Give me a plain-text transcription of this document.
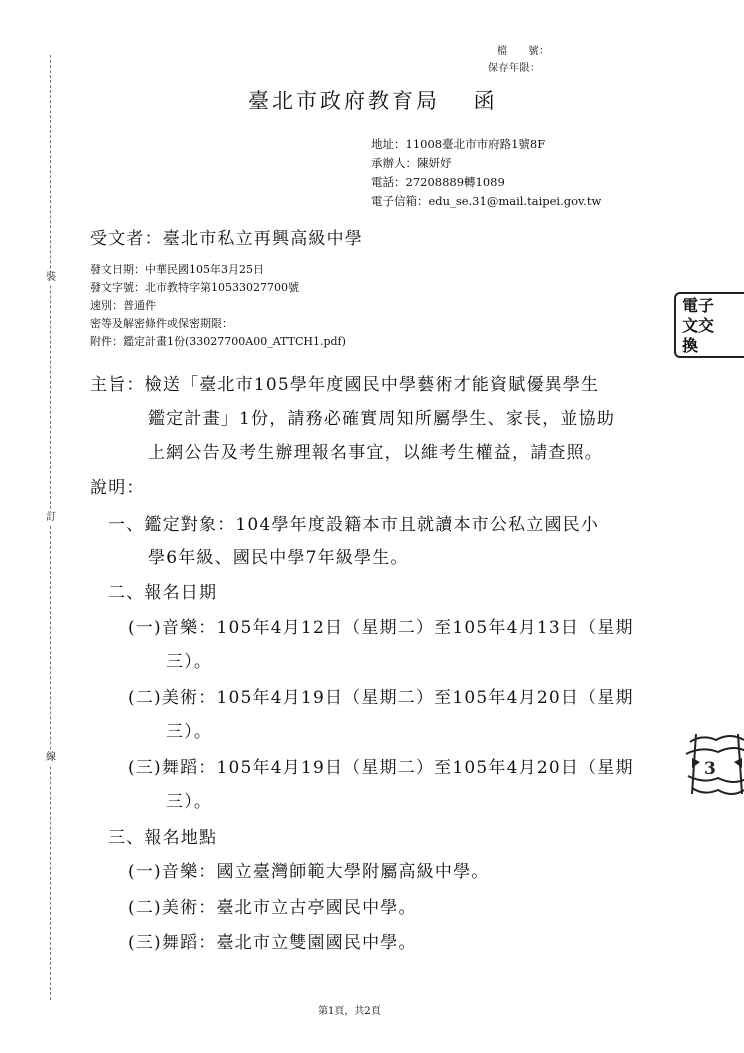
裝
訂
線
檔　　號：
保存年限：
臺北市政府教育局　 函
地址：11008臺北市市府路1號8F
承辦人：陳妍妤
電話：27208889轉1089
電子信箱：edu_se.31@mail.taipei.gov.tw
受文者：臺北市私立再興高級中學
發文日期：中華民國105年3月25日
發文字號：北市教特字第10533027700號
速別：普通件
密等及解密條件或保密期限：
附件：鑑定計畫1份(33027700A00_ATTCH1.pdf)
主旨：檢送「臺北市105學年度國民中學藝術才能資賦優異學生
鑑定計畫」1份，請務必確實周知所屬學生、家長，並協助
上網公告及考生辦理報名事宜，以維考生權益，請查照。
說明：
一、鑑定對象：104學年度設籍本市且就讀本市公私立國民小
學6年級、國民中學7年級學生。
二、報名日期
(一)音樂：105年4月12日（星期二）至105年4月13日（星期
三）。
(二)美術：105年4月19日（星期二）至105年4月20日（星期
三）。
(三)舞蹈：105年4月19日（星期二）至105年4月20日（星期
三）。
三、報名地點
(一)音樂：國立臺灣師範大學附屬高級中學。
(二)美術：臺北市立古亭國民中學。
(三)舞蹈：臺北市立雙園國民中學。
電子
文交
換
3
第1頁，共2頁
